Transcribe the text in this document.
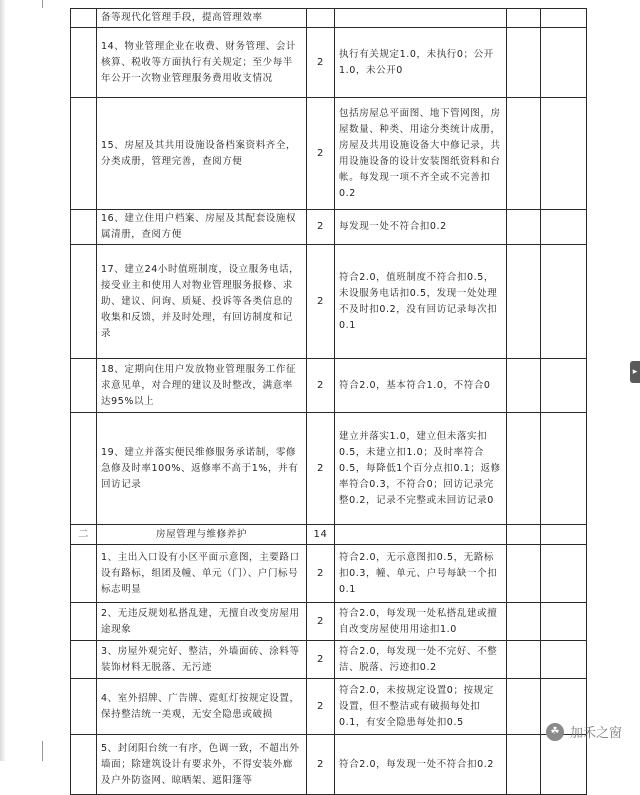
	备等现代化管理手段，提高管理效率				
	14、物业管理企业在收费、财务管理、会计核算、税收等方面执行有关规定；至少每半年公开一次物业管理服务费用收支情况	2	执行有关规定1.0，未执行0；公开1.0，未公开0		
	15、房屋及其共用设施设备档案资料齐全，分类成册，管理完善，查阅方便	2	包括房屋总平面图、地下管网图，房屋数量、种类、用途分类统计成册，房屋及共用设施设备大中修记录，共用设施设备的设计安装图纸资料和台帐。每发现一项不齐全或不完善扣0.2		
	16、建立住用户档案、房屋及其配套设施权属清册，查阅方便	2	每发现一处不符合扣0.2		
	17、建立24小时值班制度，设立服务电话，接受业主和使用人对物业管理服务报修、求助、建议、问询、质疑、投诉等各类信息的收集和反馈，并及时处理，有回访制度和记录	2	符合2.0，值班制度不符合扣0.5，未设服务电话扣0.5，发现一处处理不及时扣0.2，没有回访记录每次扣0.1		
	18、定期向住用户发放物业管理服务工作征求意见单，对合理的建议及时整改，满意率达95%以上	2	符合2.0，基本符合1.0，不符合0		
	19、建立并落实便民维修服务承诺制，零修急修及时率100%、返修率不高于1%，并有回访记录	2	建立并落实1.0，建立但未落实扣0.5，未建立扣1.0；及时率符合0.5，每降低1个百分点扣0.1；返修率符合0.3，不符合0；回访记录完整0.2，记录不完整或未回访记录0		
二	房屋管理与维修养护	14			
	1、主出入口设有小区平面示意图，主要路口设有路标，组团及幢、单元（门）、户门标号标志明显	2	符合2.0，无示意图扣0.5，无路标扣0.3，幢、单元、户号每缺一个扣0.1		
	2、无违反规划私搭乱建，无擅自改变房屋用途现象	2	符合2.0，每发现一处私搭乱建或擅自改变房屋使用用途扣1.0		
	3、房屋外观完好、整洁，外墙面砖、涂料等装饰材料无脱落、无污迹	2	符合2.0，每发现一处不完好、不整洁、脱落、污迹扣0.2		
	4、室外招牌、广告牌、霓虹灯按规定设置，保持整洁统一美观，无安全隐患或破损	2	符合2.0，未按规定设置0；按规定设置，但不整洁或有破损每处扣0.1，有安全隐患每处扣0.5		
	5、封闭阳台统一有序，色调一致，不超出外墙面；除建筑设计有要求外，不得安装外廊及户外防盗网、晾晒架、遮阳篷等	2	符合2.0，每发现一处不符合扣0.2		
▸
☘ 加禾之窗
